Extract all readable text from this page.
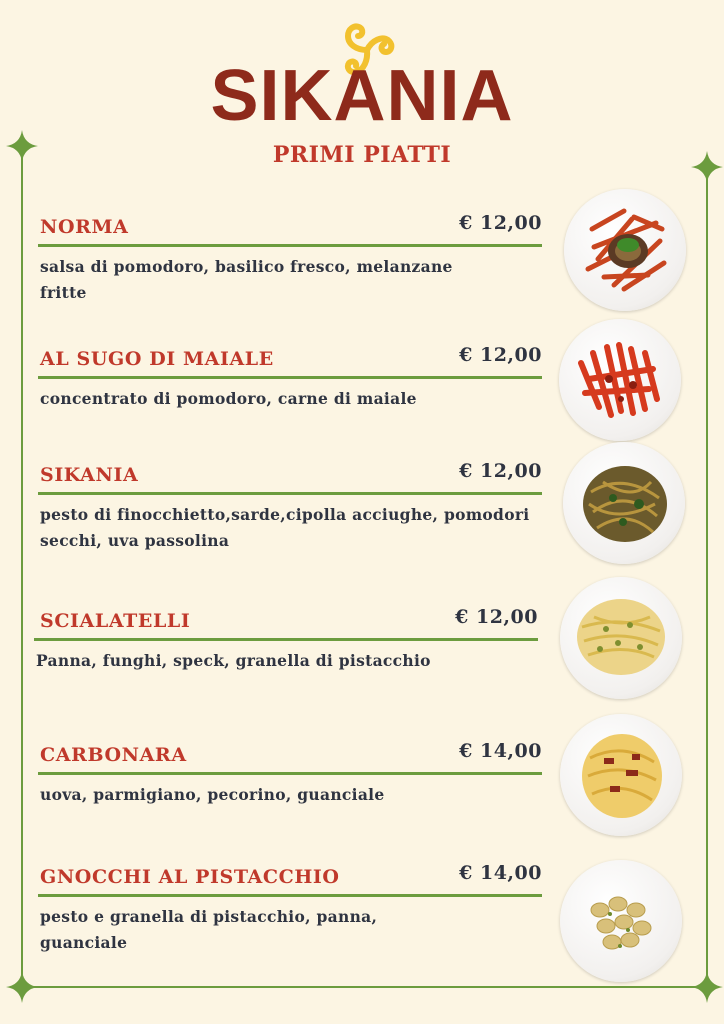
SIKANIA
PRIMI PIATTI
NORMA	€ 12,00
salsa di pomodoro, basilico fresco, melanzane fritte
AL SUGO DI MAIALE	€ 12,00
concentrato di pomodoro, carne di maiale
SIKANIA	€ 12,00
pesto di finocchietto,sarde,cipolla acciughe, pomodori secchi, uva passolina
SCIALATELLI	€ 12,00
Panna, funghi, speck, granella di pistacchio
CARBONARA	€ 14,00
uova, parmigiano, pecorino, guanciale
GNOCCHI AL PISTACCHIO	€ 14,00
pesto e granella di pistacchio, panna, guanciale
